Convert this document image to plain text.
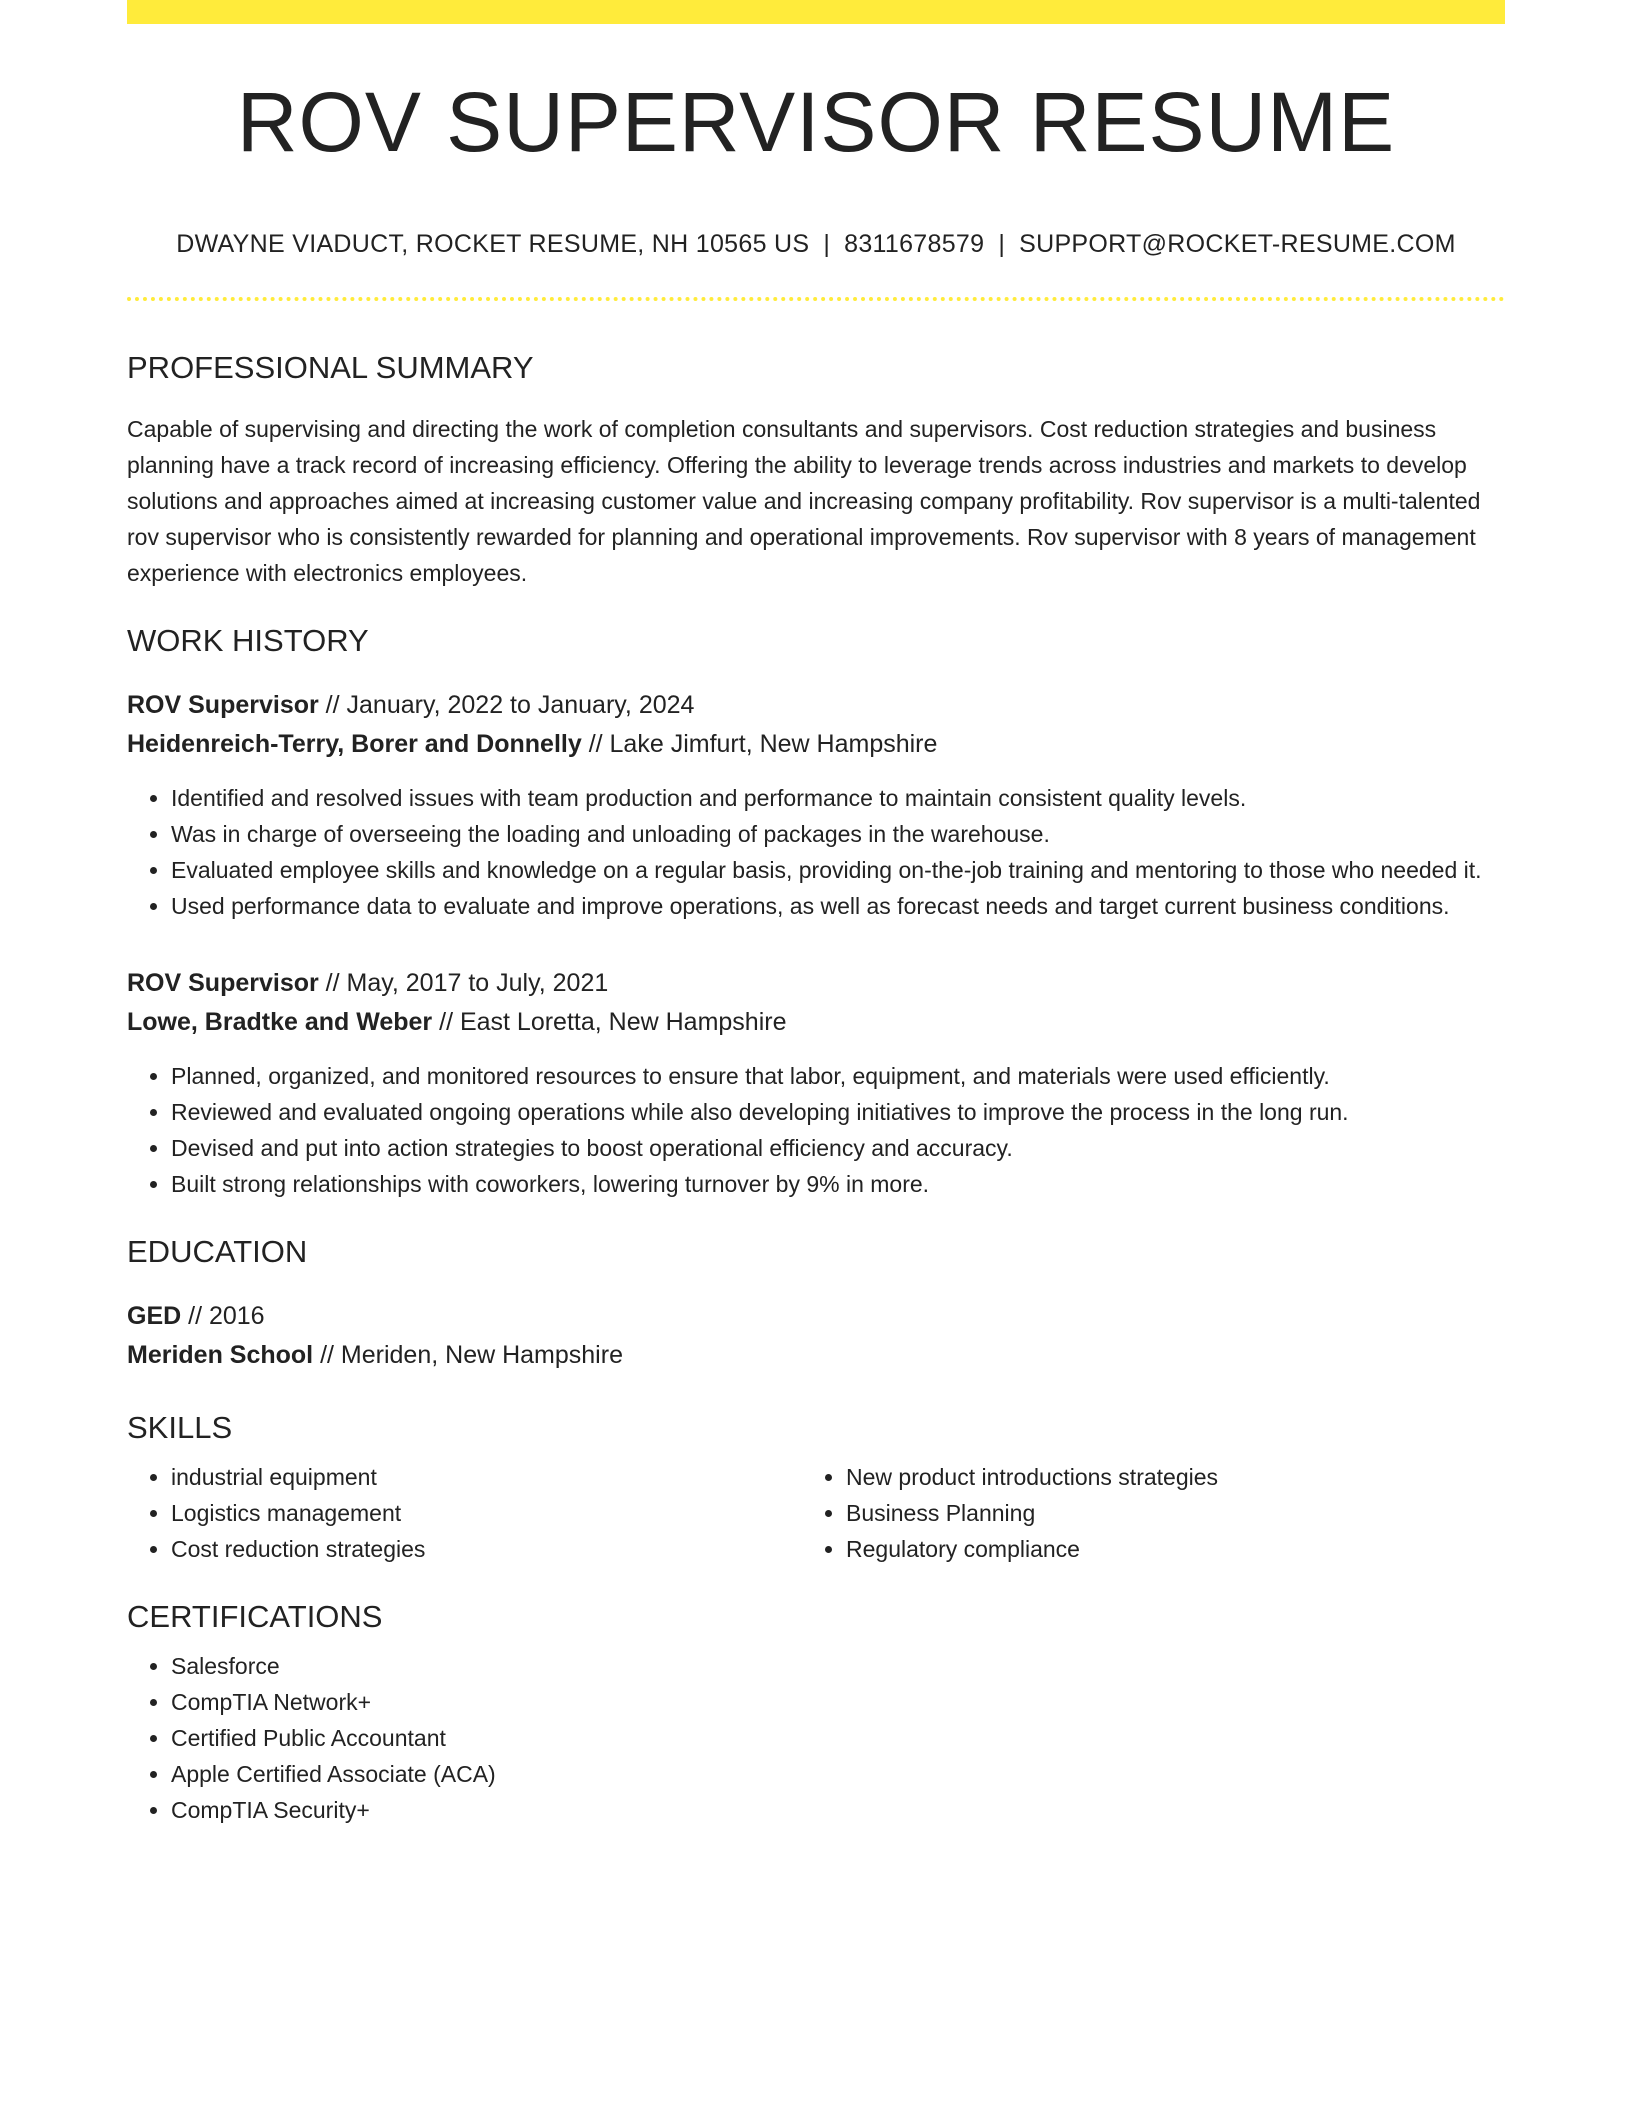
ROV SUPERVISOR RESUME
DWAYNE VIADUCT, ROCKET RESUME, NH 10565 US | 8311678579 | SUPPORT@ROCKET-RESUME.COM
PROFESSIONAL SUMMARY

Capable of supervising and directing the work of completion consultants and supervisors. Cost reduction strategies and business planning have a track record of increasing efficiency. Offering the ability to leverage trends across industries and markets to develop solutions and approaches aimed at increasing customer value and increasing company profitability. Rov supervisor is a multi-talented rov supervisor who is consistently rewarded for planning and operational improvements. Rov supervisor with 8 years of management experience with electronics employees.

WORK HISTORY
ROV Supervisor // January, 2022 to January, 2024
Heidenreich-Terry, Borer and Donnelly // Lake Jimfurt, New Hampshire
• Identified and resolved issues with team production and performance to maintain consistent quality levels.
• Was in charge of overseeing the loading and unloading of packages in the warehouse.
• Evaluated employee skills and knowledge on a regular basis, providing on-the-job training and mentoring to those who needed it.
• Used performance data to evaluate and improve operations, as well as forecast needs and target current business conditions.
ROV Supervisor // May, 2017 to July, 2021
Lowe, Bradtke and Weber // East Loretta, New Hampshire
• Planned, organized, and monitored resources to ensure that labor, equipment, and materials were used efficiently.
• Reviewed and evaluated ongoing operations while also developing initiatives to improve the process in the long run.
• Devised and put into action strategies to boost operational efficiency and accuracy.
• Built strong relationships with coworkers, lowering turnover by 9% in more.
EDUCATION
GED // 2016
Meriden School // Meriden, New Hampshire
SKILLS
• industrial equipment
• Logistics management
• Cost reduction strategies
• New product introductions strategies
• Business Planning
• Regulatory compliance
CERTIFICATIONS
• Salesforce
• CompTIA Network+
• Certified Public Accountant
• Apple Certified Associate (ACA)
• CompTIA Security+
